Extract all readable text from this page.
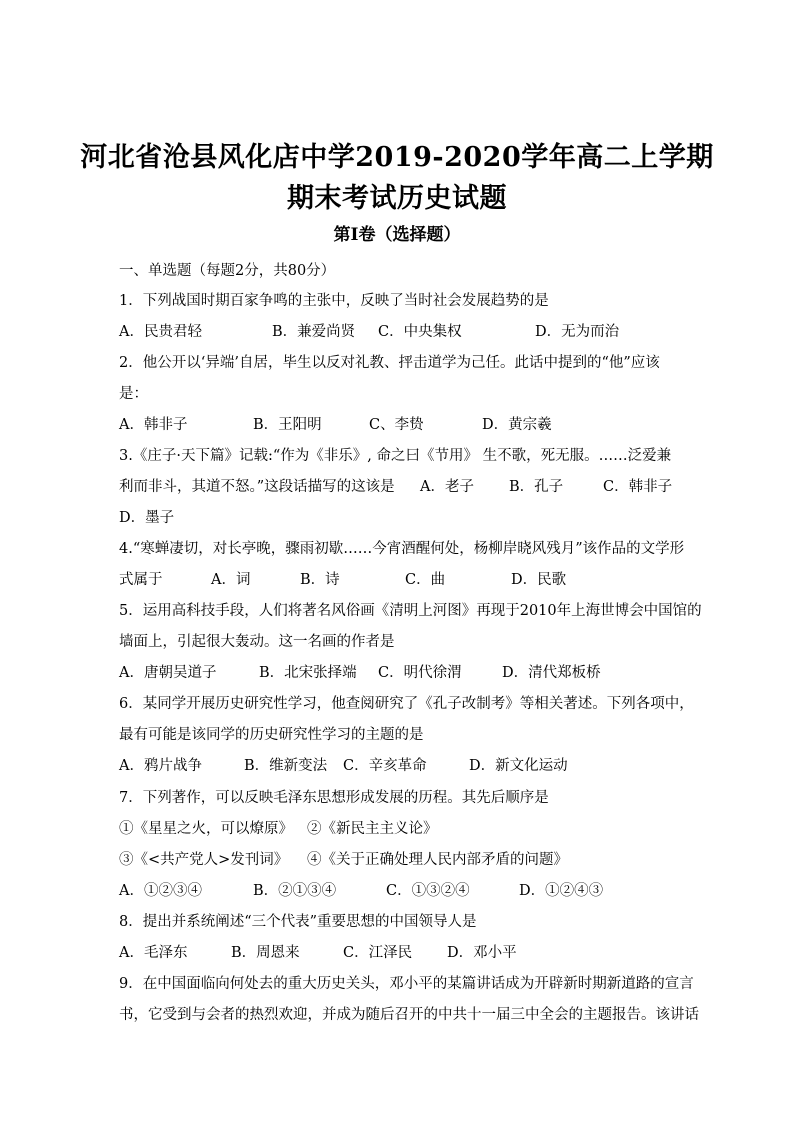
河北省沧县风化店中学2019-2020学年高二上学期
期末考试历史试题
第Ⅰ卷（选择题）
一、单选题（每题2分，共80分）
1．下列战国时期百家争鸣的主张中，反映了当时社会发展趋势的是
A．民贵君轻	B．兼爱尚贤 C．中央集权	D．无为而治
2．他公开以‘异端’自居，毕生以反对礼教、抨击道学为己任。此话中提到的“他”应该
是：
A．韩非子	B．王阳明	C、李贽	D．黄宗羲
3.《庄子·天下篇》记载:“作为《非乐》, 命之曰《节用》 生不歌，死无服。……泛爱兼
利而非斗，其道不怒。”这段话描写的这该是 A．老子 B．孔子	C．韩非子
D．墨子
4.“寒蝉凄切，对长亭晚，骤雨初歇……今宵酒醒何处，杨柳岸晓风残月”该作品的文学形
式属于	A．词	B．诗	C．曲	D．民歌
5．运用高科技手段，人们将著名风俗画《清明上河图》再现于2010年上海世博会中国馆的
墙面上，引起很大轰动。这一名画的作者是
A．唐朝吴道子	B．北宋张择端 C．明代徐渭	D．清代郑板桥
6．某同学开展历史研究性学习，他查阅研究了《孔子改制考》等相关著述。下列各项中，
最有可能是该同学的历史研究性学习的主题的是
A．鸦片战争	B．维新变法 C．辛亥革命	D．新文化运动
7．下列著作，可以反映毛泽东思想形成发展的历程。其先后顺序是
①《星星之火，可以燎原》 ②《新民主主义论》
③《<共产党人>发刊词》 ④《关于正确处理人民内部矛盾的问题》
A．①②③④	B．②①③④	C．①③②④	D．①②④③
8．提出并系统阐述“三个代表”重要思想的中国领导人是
A．毛泽东	B．周恩来	C．江泽民 D．邓小平
9．在中国面临向何处去的重大历史关头，邓小平的某篇讲话成为开辟新时期新道路的宣言
书，它受到与会者的热烈欢迎，并成为随后召开的中共十一届三中全会的主题报告。该讲话
